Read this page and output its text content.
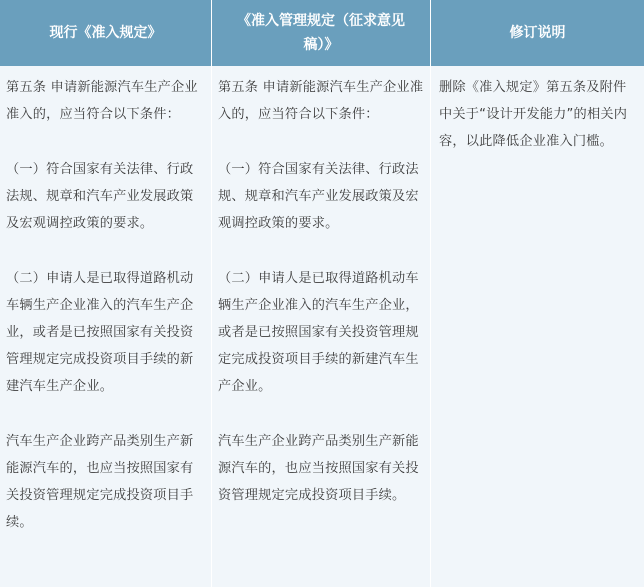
现行《准入规定》
《准入管理规定（征求意见稿）》
修订说明

第五条 申请新能源汽车生产企业准入的，应当符合以下条件：

（一）符合国家有关法律、行政法规、规章和汽车产业发展政策及宏观调控政策的要求。

（二）申请人是已取得道路机动车辆生产企业准入的汽车生产企业，或者是已按照国家有关投资管理规定完成投资项目手续的新建汽车生产企业。

汽车生产企业跨产品类别生产新能源汽车的，也应当按照国家有关投资管理规定完成投资项目手续。

第五条 申请新能源汽车生产企业准入的，应当符合以下条件：

（一）符合国家有关法律、行政法规、规章和汽车产业发展政策及宏观调控政策的要求。

（二）申请人是已取得道路机动车辆生产企业准入的汽车生产企业，或者是已按照国家有关投资管理规定完成投资项目手续的新建汽车生产企业。

汽车生产企业跨产品类别生产新能源汽车的，也应当按照国家有关投资管理规定完成投资项目手续。

删除《准入规定》第五条及附件中关于“设计开发能力”的相关内容，以此降低企业准入门槛。
